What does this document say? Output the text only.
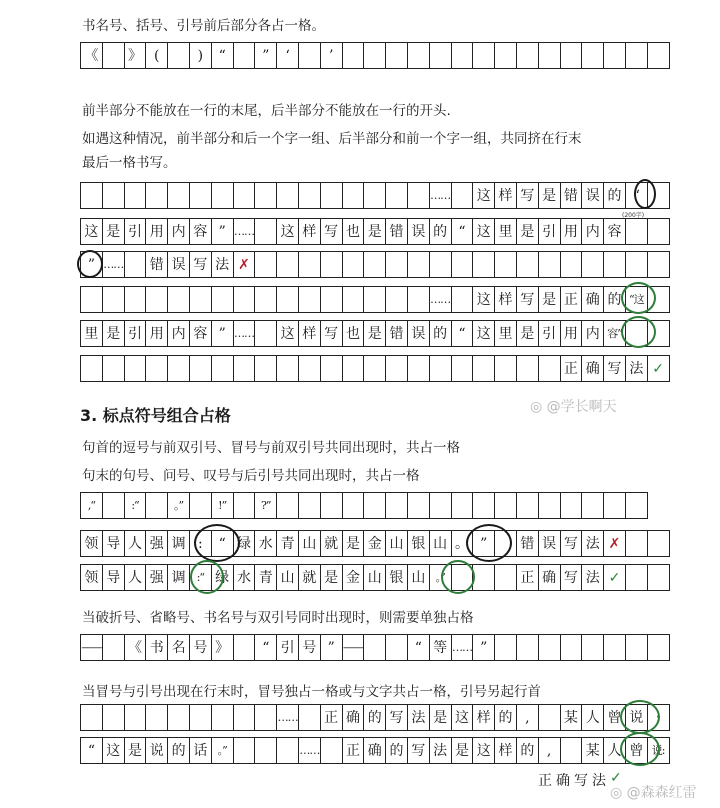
书名号、括号、引号前后部分各占一格。
《	》 (	)	“	”	‘	’
前半部分不能放在一行的末尾，后半部分不能放在一行的开头.
如遇这种情况，前半部分和后一个字一组、后半部分和前一个字一组，共同挤在行末
最后一格书写。
…… 这 样 写 是 错 误 的 “
(200字)
这 是 引 用 内 容 ” …… 这 样 写 也 是 错 误 的 “ 这 里 是 引 用 内 容
” …… 错 误 写 法 ✗
…… 这 样 写 是 正 确 的 “这
里 是 引 用 内 容 ” …… 这 样 写 也 是 错 误 的 “ 这 里 是 引 用 内 容”
正 确 写 法 ✓
◎ @学长啊天
3. 标点符号组合占格
句首的逗号与前双引号、冒号与前双引号共同出现时，共占一格
句末的句号、问号、叹号与后引号共同出现时，共占一格
,“	:“	。”	!”	?”
领 导 人 强 调 :	“ 绿 水 青 山 就 是 金 山 银 山 。 ”	错 误 写 法 ✗
领 导 人 强 调	:“ 绿 水 青 山 就 是 金 山 银 山 。”	正 确 写 法 ✓
当破折号、省略号、书名号与双引号同时出现时，则需要单独占格
—— 《 书 名 号 》	“ 引 号 ” ——	“ 等 …… ”
当冒号与引号出现在行末时，冒号独占一格或与文字共占一格，引号另起行首
…… 正 确 的 写 法 是 这 样 的 ,	某 人 曾 说 :
“ 这 是 说 的 话 。”	…… 正 确 的 写 法 是 这 样 的 ,	某 人 曾 说:
正 确 写 法 ✓
◎ @森森红雷
